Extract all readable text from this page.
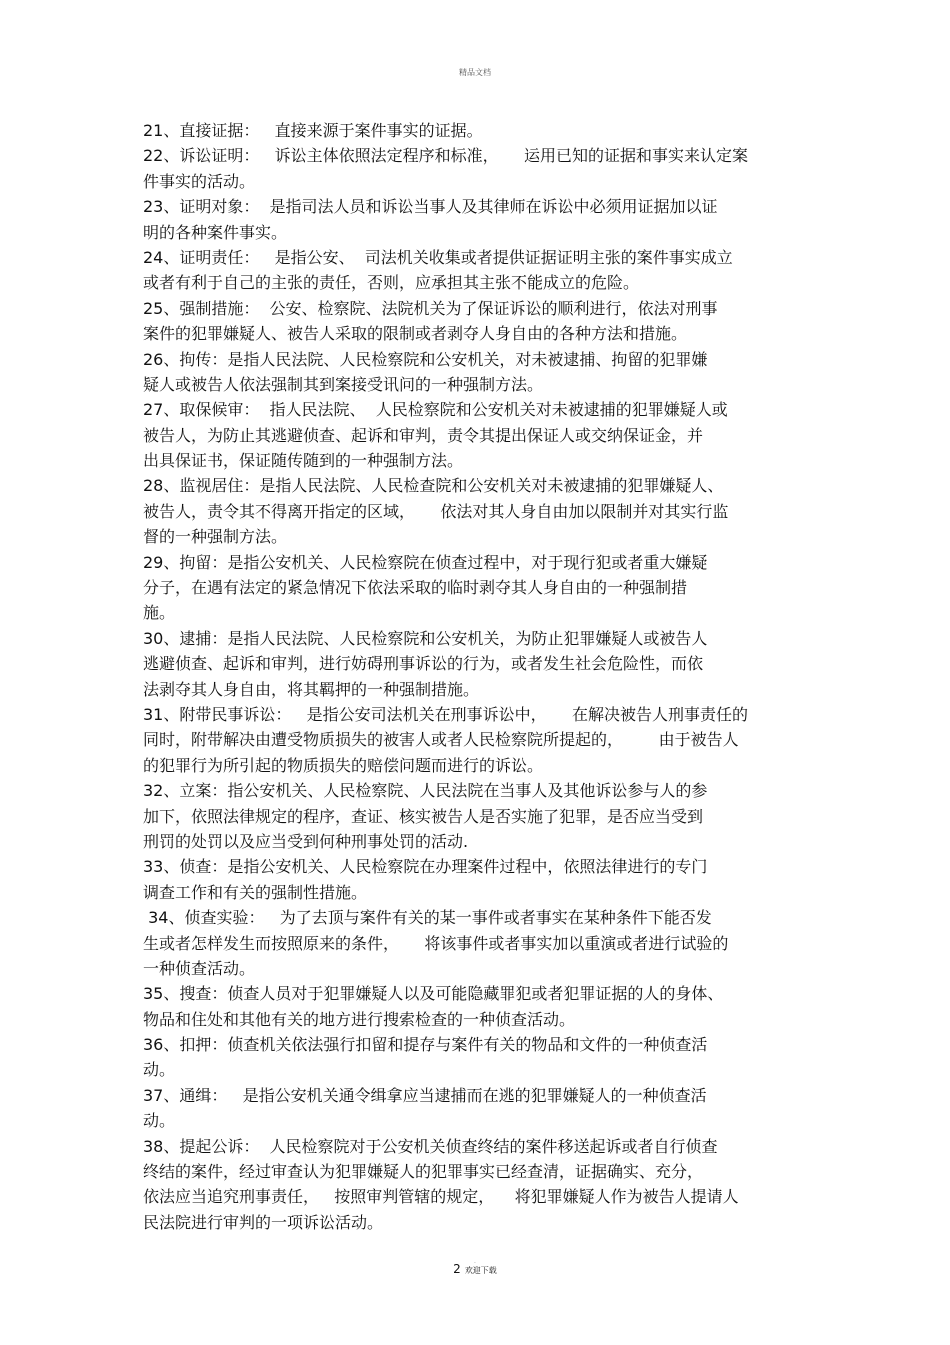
精品文档
21、直接证据：   直接来源于案件事实的证据。
22、诉讼证明：   诉讼主体依照法定程序和标准，     运用已知的证据和事实来认定案
件事实的活动。
23、证明对象：  是指司法人员和诉讼当事人及其律师在诉讼中必须用证据加以证
明的各种案件事实。
24、证明责任：   是指公安、  司法机关收集或者提供证据证明主张的案件事实成立
或者有利于自己的主张的责任，否则，应承担其主张不能成立的危险。
25、强制措施：  公安、检察院、法院机关为了保证诉讼的顺利进行，依法对刑事
案件的犯罪嫌疑人、被告人采取的限制或者剥夺人身自由的各种方法和措施。
26、拘传：是指人民法院、人民检察院和公安机关，对未被逮捕、拘留的犯罪嫌
疑人或被告人依法强制其到案接受讯问的一种强制方法。
27、取保候审：  指人民法院、  人民检察院和公安机关对未被逮捕的犯罪嫌疑人或
被告人，为防止其逃避侦查、起诉和审判，责令其提出保证人或交纳保证金，并
出具保证书，保证随传随到的一种强制方法。
28、监视居住：是指人民法院、人民检查院和公安机关对未被逮捕的犯罪嫌疑人、
被告人，责令其不得离开指定的区域，     依法对其人身自由加以限制并对其实行监
督的一种强制方法。
29、拘留：是指公安机关、人民检察院在侦查过程中，对于现行犯或者重大嫌疑
分子，在遇有法定的紧急情况下依法采取的临时剥夺其人身自由的一种强制措
施。
30、逮捕：是指人民法院、人民检察院和公安机关，为防止犯罪嫌疑人或被告人
逃避侦查、起诉和审判，进行妨碍刑事诉讼的行为，或者发生社会危险性，而依
法剥夺其人身自由，将其羁押的一种强制措施。
31、附带民事诉讼：   是指公安司法机关在刑事诉讼中，     在解决被告人刑事责任的
同时，附带解决由遭受物质损失的被害人或者人民检察院所提起的，       由于被告人
的犯罪行为所引起的物质损失的赔偿问题而进行的诉讼。
32、立案：指公安机关、人民检察院、人民法院在当事人及其他诉讼参与人的参
加下，依照法律规定的程序，查证、核实被告人是否实施了犯罪，是否应当受到
刑罚的处罚以及应当受到何种刑事处罚的活动.
33、侦查：是指公安机关、人民检察院在办理案件过程中，依照法律进行的专门
调查工作和有关的强制性措施。
34、侦查实验：   为了去顶与案件有关的某一事件或者事实在某种条件下能否发
生或者怎样发生而按照原来的条件，     将该事件或者事实加以重演或者进行试验的
一种侦查活动。
35、搜查：侦查人员对于犯罪嫌疑人以及可能隐藏罪犯或者犯罪证据的人的身体、
物品和住处和其他有关的地方进行搜索检查的一种侦查活动。
36、扣押：侦查机关依法强行扣留和提存与案件有关的物品和文件的一种侦查活
动。
37、通缉：   是指公安机关通令缉拿应当逮捕而在逃的犯罪嫌疑人的一种侦查活
动。
38、提起公诉：  人民检察院对于公安机关侦查终结的案件移送起诉或者自行侦查
终结的案件，经过审查认为犯罪嫌疑人的犯罪事实已经查清，证据确实、充分，
依法应当追究刑事责任，   按照审判管辖的规定，    将犯罪嫌疑人作为被告人提请人
民法院进行审判的一项诉讼活动。
.
2 欢迎下载
